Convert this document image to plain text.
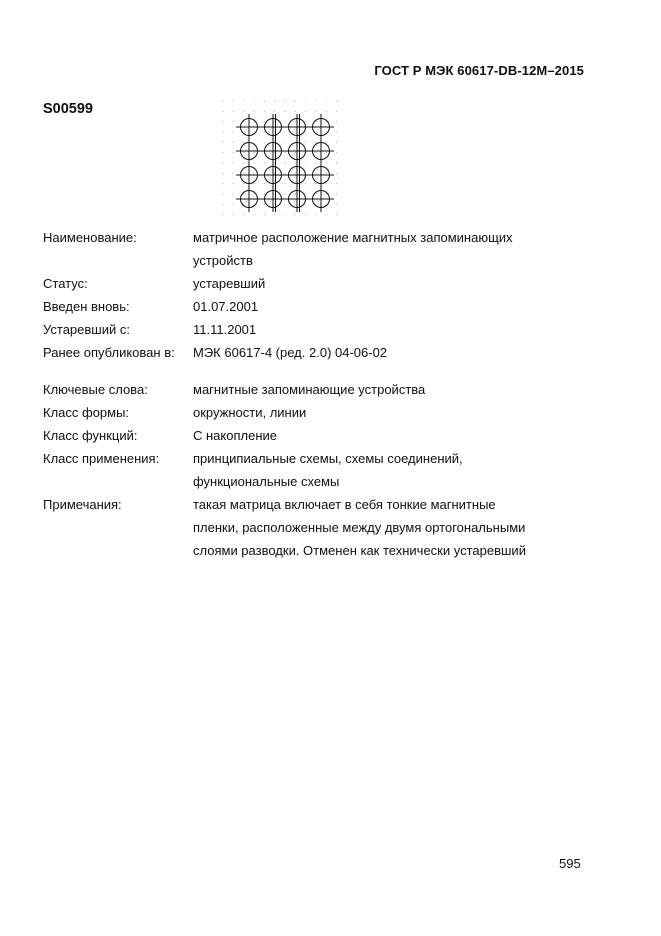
ГОСТ Р МЭК 60617-DB-12M–2015
S00599
Наименование:	матричное расположение магнитных запоминающих
устройств
Статус:	устаревший
Введен вновь:	01.07.2001
Устаревший с:	11.11.2001
Ранее опубликован в:	МЭК 60617-4 (ред. 2.0) 04-06-02
Ключевые слова:	магнитные запоминающие устройства
Класс формы:	окружности, линии
Класс функций:	С накопление
Класс применения:	принципиальные схемы, схемы соединений,
функциональные схемы
Примечания:	такая матрица включает в себя тонкие магнитные
пленки, расположенные между двумя ортогональными
слоями разводки. Отменен как технически устаревший
595
